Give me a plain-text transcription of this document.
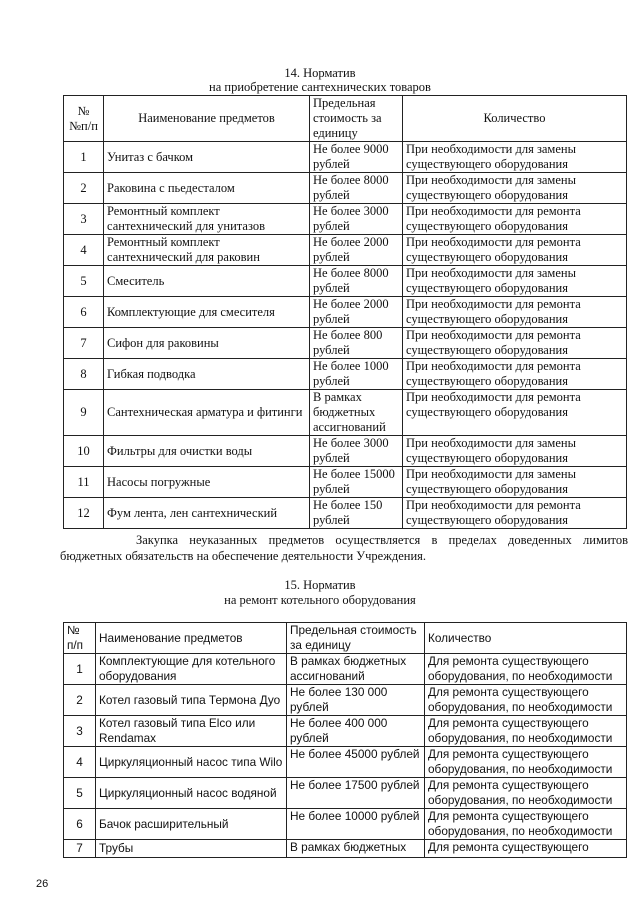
14. Норматив
на приобретение сантехнических товаров
№ №п/п	Наименование предметов	Предельная стоимость за единицу	Количество
1	Унитаз с бачком	Не более 9000 рублей	При необходимости для замены существующего оборудования
2	Раковина с пьедесталом	Не более 8000 рублей	При необходимости для замены существующего оборудования
3	Ремонтный комплект сантехнический для унитазов	Не более 3000 рублей	При необходимости для ремонта существующего оборудования
4	Ремонтный комплект сантехнический для раковин	Не более 2000 рублей	При необходимости для ремонта существующего оборудования
5	Смеситель	Не более 8000 рублей	При необходимости для замены существующего оборудования
6	Комплектующие для смесителя	Не более 2000 рублей	При необходимости для ремонта существующего оборудования
7	Сифон для раковины	Не более 800 рублей	При необходимости для ремонта существующего оборудования
8	Гибкая подводка	Не более 1000 рублей	При необходимости для ремонта существующего оборудования
9	Сантехническая арматура и фитинги	В рамках бюджетных ассигнований	При необходимости для ремонта существующего оборудования
10	Фильтры для очистки воды	Не более 3000 рублей	При необходимости для замены существующего оборудования
11	Насосы погружные	Не более 15000 рублей	При необходимости для замены существующего оборудования
12	Фум лента, лен сантехнический	Не более 150 рублей	При необходимости для ремонта существующего оборудования
Закупка неуказанных предметов осуществляется в пределах доведенных лимитов
бюджетных обязательств на обеспечение деятельности Учреждения.
15. Норматив
на ремонт котельного оборудования
№ п/п	Наименование предметов	Предельная стоимость за единицу	Количество
1	Комплектующие для котельного оборудования	В рамках бюджетных ассигнований	Для ремонта существующего оборудования, по необходимости
2	Котел газовый типа Термона Дуо	Не более 130 000 рублей	Для ремонта существующего оборудования, по необходимости
3	Котел газовый типа Elco или Rendamax	Не более 400 000 рублей	Для ремонта существующего оборудования, по необходимости
4	Циркуляционный насос типа Wilo	Не более 45000 рублей	Для ремонта существующего оборудования, по необходимости
5	Циркуляционный насос водяной	Не более 17500 рублей	Для ремонта существующего оборудования, по необходимости
6	Бачок расширительный	Не более 10000 рублей	Для ремонта существующего оборудования, по необходимости
7	Трубы	В рамках бюджетных	Для ремонта существующего
26
